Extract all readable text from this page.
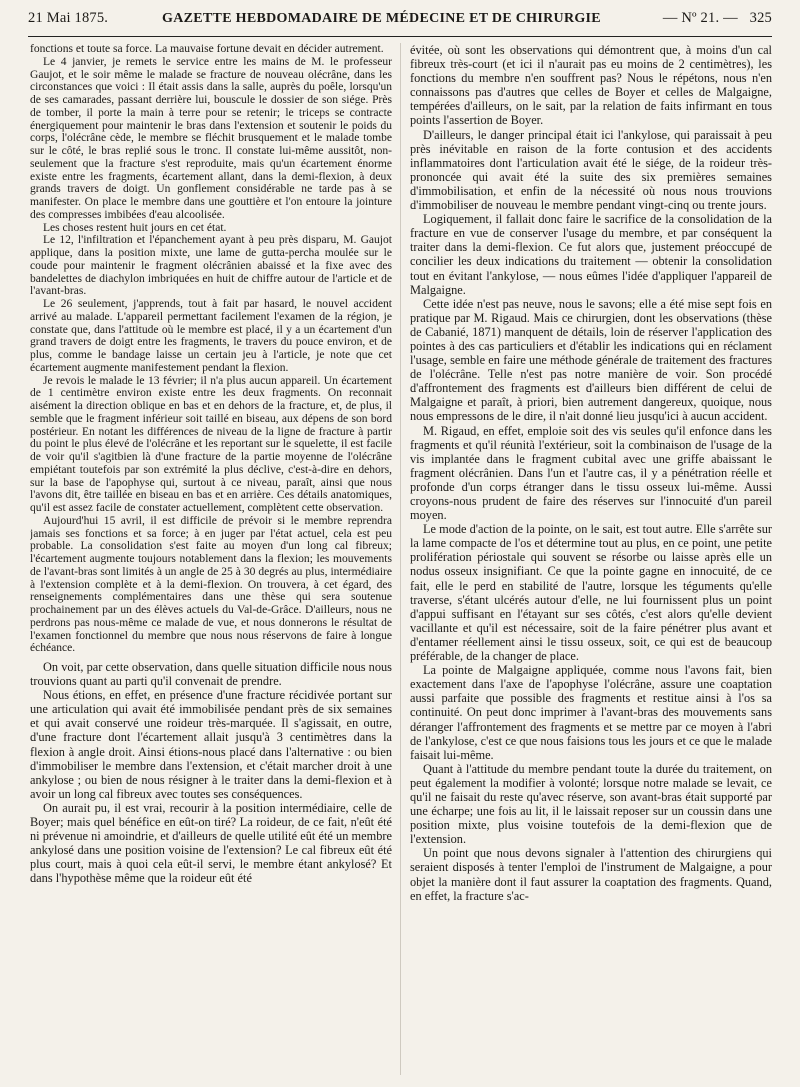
21 Mai 1875.	GAZETTE HEBDOMADAIRE DE MÉDECINE ET DE CHIRURGIE	— Nº 21. — 325

fonctions et toute sa force. La mauvaise fortune devait en décider autrement.

Le 4 janvier, je remets le service entre les mains de M. le professeur Gaujot, et le soir même le malade se fracture de nouveau olécrâne, dans les circonstances que voici : Il était assis dans la salle, auprès du poêle, lorsqu'un de ses camarades, passant derrière lui, bouscule le dossier de son siége. Près de tomber, il porte la main à terre pour se retenir; le triceps se contracte énergiquement pour maintenir le bras dans l'extension et soutenir le poids du corps, l'olécrâne cède, le membre se fléchit brusquement et le malade tombe sur le côté, le bras replié sous le tronc. Il constate lui-même aussitôt, non-seulement que la fracture s'est reproduite, mais qu'un écartement énorme existe entre les fragments, écartement allant, dans la demi-flexion, à deux grands travers de doigt. Un gonflement considérable ne tarde pas à se manifester. On place le membre dans une gouttière et l'on entoure la jointure des compresses imbibées d'eau alcoolisée.

Les choses restent huit jours en cet état.

Le 12, l'infiltration et l'épanchement ayant à peu près disparu, M. Gaujot applique, dans la position mixte, une lame de gutta-percha moulée sur le coude pour maintenir le fragment olécrânien abaissé et la fixe avec des bandelettes de diachylon imbriquées en huit de chiffre autour de l'article et de l'avant-bras.

Le 26 seulement, j'apprends, tout à fait par hasard, le nouvel accident arrivé au malade. L'appareil permettant facilement l'examen de la région, je constate que, dans l'attitude où le membre est placé, il y a un écartement d'un grand travers de doigt entre les fragments, le travers du pouce environ, et de plus, comme le bandage laisse un certain jeu à l'article, je note que cet écartement augmente manifestement pendant la flexion.

Je revois le malade le 13 février; il n'a plus aucun appareil. Un écartement de 1 centimètre environ existe entre les deux fragments. On reconnait aisément la direction oblique en bas et en dehors de la fracture, et, de plus, il semble que le fragment inférieur soit taillé en biseau, aux dépens de son bord postérieur. En notant les différences de niveau de la ligne de fracture à partir du point le plus élevé de l'olécrâne et les reportant sur le squelette, il est facile de voir qu'il s'agitbien là d'une fracture de la partie moyenne de l'olécrâne empiétant toutefois par son extrémité la plus déclive, c'est-à-dire en dehors, sur la base de l'apophyse qui, surtout à ce niveau, paraît, ainsi que nous l'avons dit, être taillée en biseau en bas et en arrière. Ces détails anatomiques, qu'il est assez facile de constater actuellement, complètent cette observation.

Aujourd'hui 15 avril, il est difficile de prévoir si le membre reprendra jamais ses fonctions et sa force; à en juger par l'état actuel, cela est peu probable. La consolidation s'est faite au moyen d'un long cal fibreux; l'écartement augmente toujours notablement dans la flexion; les mouvements de l'avant-bras sont limités à un angle de 25 à 30 degrés au plus, intermédiaire à l'extension complète et à la demi-flexion. On trouvera, à cet égard, des renseignements complémentaires dans une thèse qui sera soutenue prochainement par un des élèves actuels du Val-de-Grâce. D'ailleurs, nous ne perdrons pas nous-même ce malade de vue, et nous donnerons le résultat de l'examen fonctionnel du membre que nous nous réservons de faire à longue échéance.

On voit, par cette observation, dans quelle situation difficile nous nous trouvions quant au parti qu'il convenait de prendre.

Nous étions, en effet, en présence d'une fracture récidivée portant sur une articulation qui avait été immobilisée pendant près de six semaines et qui avait conservé une roideur très-marquée. Il s'agissait, en outre, d'une fracture dont l'écartement allait jusqu'à 3 centimètres dans la flexion à angle droit. Ainsi étions-nous placé dans l'alternative : ou bien d'immobiliser le membre dans l'extension, et c'était marcher droit à une ankylose ; ou bien de nous résigner à le traiter dans la demi-flexion et à avoir un long cal fibreux avec toutes ses conséquences.

On aurait pu, il est vrai, recourir à la position intermédiaire, celle de Boyer; mais quel bénéfice en eût-on tiré? La roideur, de ce fait, n'eût été ni prévenue ni amoindrie, et d'ailleurs de quelle utilité eût été un membre ankylosé dans une position voisine de l'extension? Le cal fibreux eût été plus court, mais à quoi cela eût-il servi, le membre étant ankylosé? Et dans l'hypothèse même que la roideur eût été

évitée, où sont les observations qui démontrent que, à moins d'un cal fibreux très-court (et ici il n'aurait pas eu moins de 2 centimètres), les fonctions du membre n'en souffrent pas? Nous le répétons, nous n'en connaissons pas d'autres que celles de Boyer et celles de Malgaigne, tempérées d'ailleurs, on le sait, par la relation de faits infirmant en tous points l'assertion de Boyer.

D'ailleurs, le danger principal était ici l'ankylose, qui paraissait à peu près inévitable en raison de la forte contusion et des accidents inflammatoires dont l'articulation avait été le siége, de la roideur très-prononcée qui avait été la suite des six premières semaines d'immobilisation, et enfin de la nécessité où nous nous trouvions d'immobiliser de nouveau le membre pendant vingt-cinq ou trente jours.

Logiquement, il fallait donc faire le sacrifice de la consolidation de la fracture en vue de conserver l'usage du membre, et par conséquent la traiter dans la demi-flexion. Ce fut alors que, justement préoccupé de concilier les deux indications du traitement — obtenir la consolidation tout en évitant l'ankylose, — nous eûmes l'idée d'appliquer l'appareil de Malgaigne.

Cette idée n'est pas neuve, nous le savons; elle a été mise sept fois en pratique par M. Rigaud. Mais ce chirurgien, dont les observations (thèse de Cabanié, 1871) manquent de détails, loin de réserver l'application des pointes à des cas particuliers et d'établir les indications qui en réclament l'usage, semble en faire une méthode générale de traitement des fractures de l'olécrâne. Telle n'est pas notre manière de voir. Son procédé d'affrontement des fragments est d'ailleurs bien différent de celui de Malgaigne et paraît, à priori, bien autrement dangereux, quoique, nous nous empressons de le dire, il n'ait donné lieu jusqu'ici à aucun accident.

M. Rigaud, en effet, emploie soit des vis seules qu'il enfonce dans les fragments et qu'il réunità l'extérieur, soit la combinaison de l'usage de la vis implantée dans le fragment cubital avec une griffe abaissant le fragment olécrânien. Dans l'un et l'autre cas, il y a pénétration réelle et profonde d'un corps étranger dans le tissu osseux lui-même. Aussi croyons-nous prudent de faire des réserves sur l'innocuité d'un pareil moyen.

Le mode d'action de la pointe, on le sait, est tout autre. Elle s'arrête sur la lame compacte de l'os et détermine tout au plus, en ce point, une petite prolifération périostale qui souvent se résorbe ou laisse après elle un nodus osseux insignifiant. Ce que la pointe gagne en innocuité, de ce fait, elle le perd en stabilité de l'autre, lorsque les téguments qu'elle traverse, s'étant ulcérés autour d'elle, ne lui fournissent plus un point d'appui suffisant en l'étayant sur ses côtés, c'est alors qu'elle devient vacillante et qu'il est nécessaire, soit de la faire pénétrer plus avant et d'entamer réellement ainsi le tissu osseux, soit, ce qui est de beaucoup préférable, de la changer de place.

La pointe de Malgaigne appliquée, comme nous l'avons fait, bien exactement dans l'axe de l'apophyse l'olécrâne, assure une coaptation aussi parfaite que possible des fragments et restitue ainsi à l'os sa continuité. On peut donc imprimer à l'avant-bras des mouvements sans déranger l'affrontement des fragments et se mettre par ce moyen à l'abri de l'ankylose, c'est ce que nous faisions tous les jours et ce que le malade faisait lui-même.

Quant à l'attitude du membre pendant toute la durée du traitement, on peut également la modifier à volonté; lorsque notre malade se levait, ce qu'il ne faisait du reste qu'avec réserve, son avant-bras était supporté par une écharpe; une fois au lit, il le laissait reposer sur un coussin dans une position mixte, plus voisine toutefois de la demi-flexion que de l'extension.

Un point que nous devons signaler à l'attention des chirurgiens qui seraient disposés à tenter l'emploi de l'instrument de Malgaigne, a pour objet la manière dont il faut assurer la coaptation des fragments. Quand, en effet, la fracture s'ac-
